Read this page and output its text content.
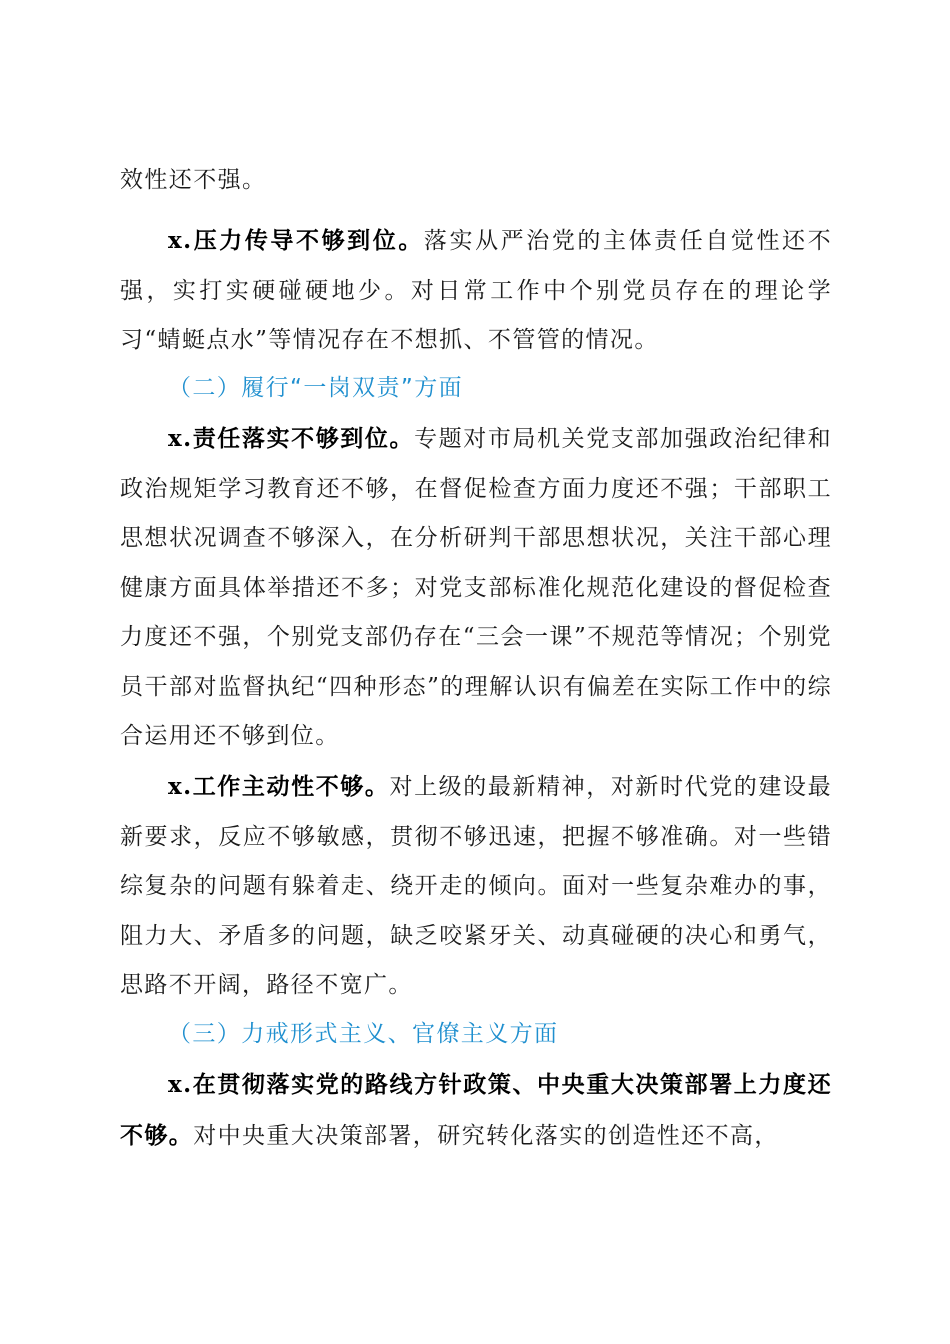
效性还不强。

x.压力传导不够到位。落实从严治党的主体责任自觉性还不强，实打实硬碰硬地少。对日常工作中个别党员存在的理论学习“蜻蜓点水”等情况存在不想抓、不管管的情况。

（二）履行“一岗双责”方面

x.责任落实不够到位。专题对市局机关党支部加强政治纪律和政治规矩学习教育还不够，在督促检查方面力度还不强；干部职工思想状况调查不够深入，在分析研判干部思想状况，关注干部心理健康方面具体举措还不多；对党支部标准化规范化建设的督促检查力度还不强，个别党支部仍存在“三会一课”不规范等情况；个别党员干部对监督执纪“四种形态”的理解认识有偏差在实际工作中的综合运用还不够到位。

x.工作主动性不够。对上级的最新精神，对新时代党的建设最新要求，反应不够敏感，贯彻不够迅速，把握不够准确。对一些错综复杂的问题有躲着走、绕开走的倾向。面对一些复杂难办的事，阻力大、矛盾多的问题，缺乏咬紧牙关、动真碰硬的决心和勇气，思路不开阔，路径不宽广。

（三）力戒形式主义、官僚主义方面

x.在贯彻落实党的路线方针政策、中央重大决策部署上力度还不够。对中央重大决策部署，研究转化落实的创造性还不高，
